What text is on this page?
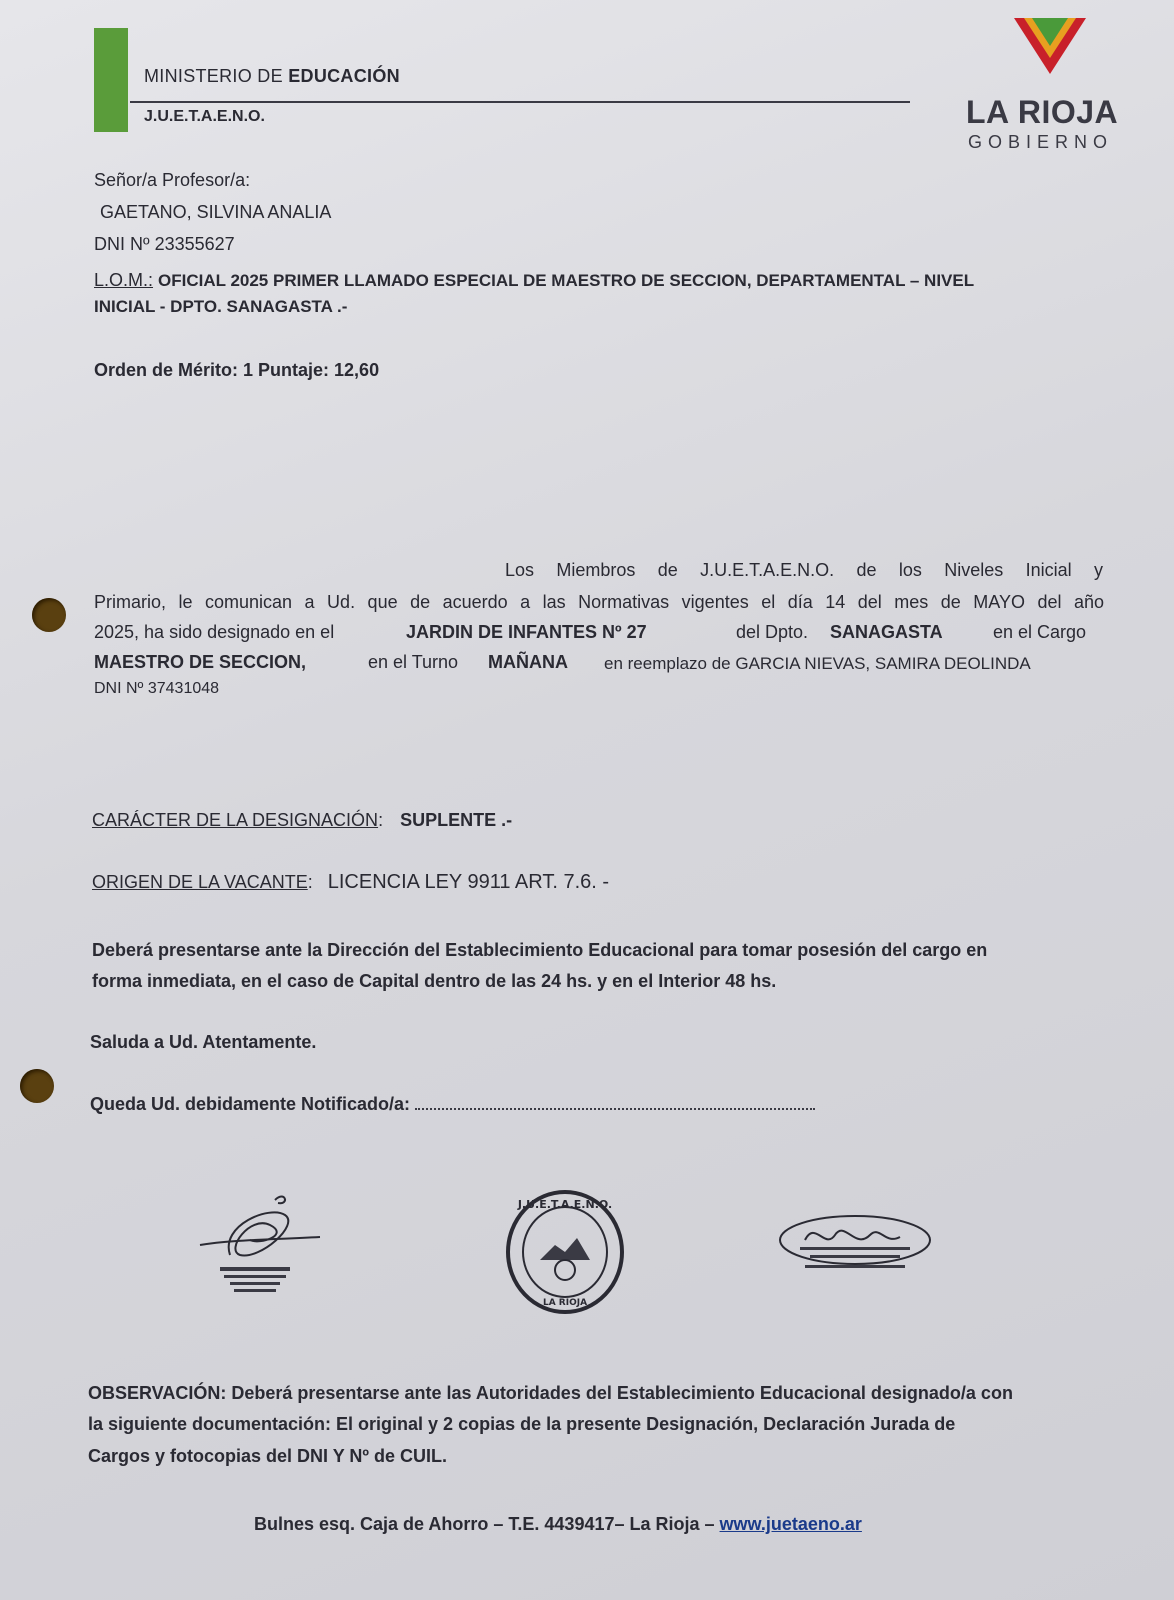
MINISTERIO DE EDUCACIÓN
J.U.E.T.A.E.N.O.	LA RIOJA
GOBIERNO
Señor/a Profesor/a:
GAETANO, SILVINA ANALIA
DNI Nº 23355627
L.O.M.: OFICIAL 2025 PRIMER LLAMADO ESPECIAL DE MAESTRO DE SECCION, DEPARTAMENTAL – NIVEL
INICIAL - DPTO. SANAGASTA .-
Orden de Mérito: 1 Puntaje: 12,60
Los Miembros de J.U.E.T.A.E.N.O. de los Niveles Inicial y
Primario, le comunican a Ud. que de acuerdo a las Normativas vigentes el día 14 del mes de MAYO del año
2025, ha sido designado en el	JARDIN DE INFANTES Nº 27	del Dpto. SANAGASTA	en el Cargo
MAESTRO DE SECCION,	en el Turno MAÑANA en reemplazo de GARCIA NIEVAS, SAMIRA DEOLINDA
DNI Nº 37431048
CARÁCTER DE LA DESIGNACIÓN: SUPLENTE .-
ORIGEN DE LA VACANTE: LICENCIA LEY 9911 ART. 7.6. -
Deberá presentarse ante la Dirección del Establecimiento Educacional para tomar posesión del cargo en
forma inmediata, en el caso de Capital dentro de las 24 hs. y en el Interior 48 hs.
Saluda a Ud. Atentamente.
Queda Ud. debidamente Notificado/a:
J.U.E.T.A.E.N.O.
LA RIOJA
OBSERVACIÓN: Deberá presentarse ante las Autoridades del Establecimiento Educacional designado/a con
la siguiente documentación: El original y 2 copias de la presente Designación, Declaración Jurada de
Cargos y fotocopias del DNI Y Nº de CUIL.
Bulnes esq. Caja de Ahorro – T.E. 4439417– La Rioja – www.juetaeno.ar
